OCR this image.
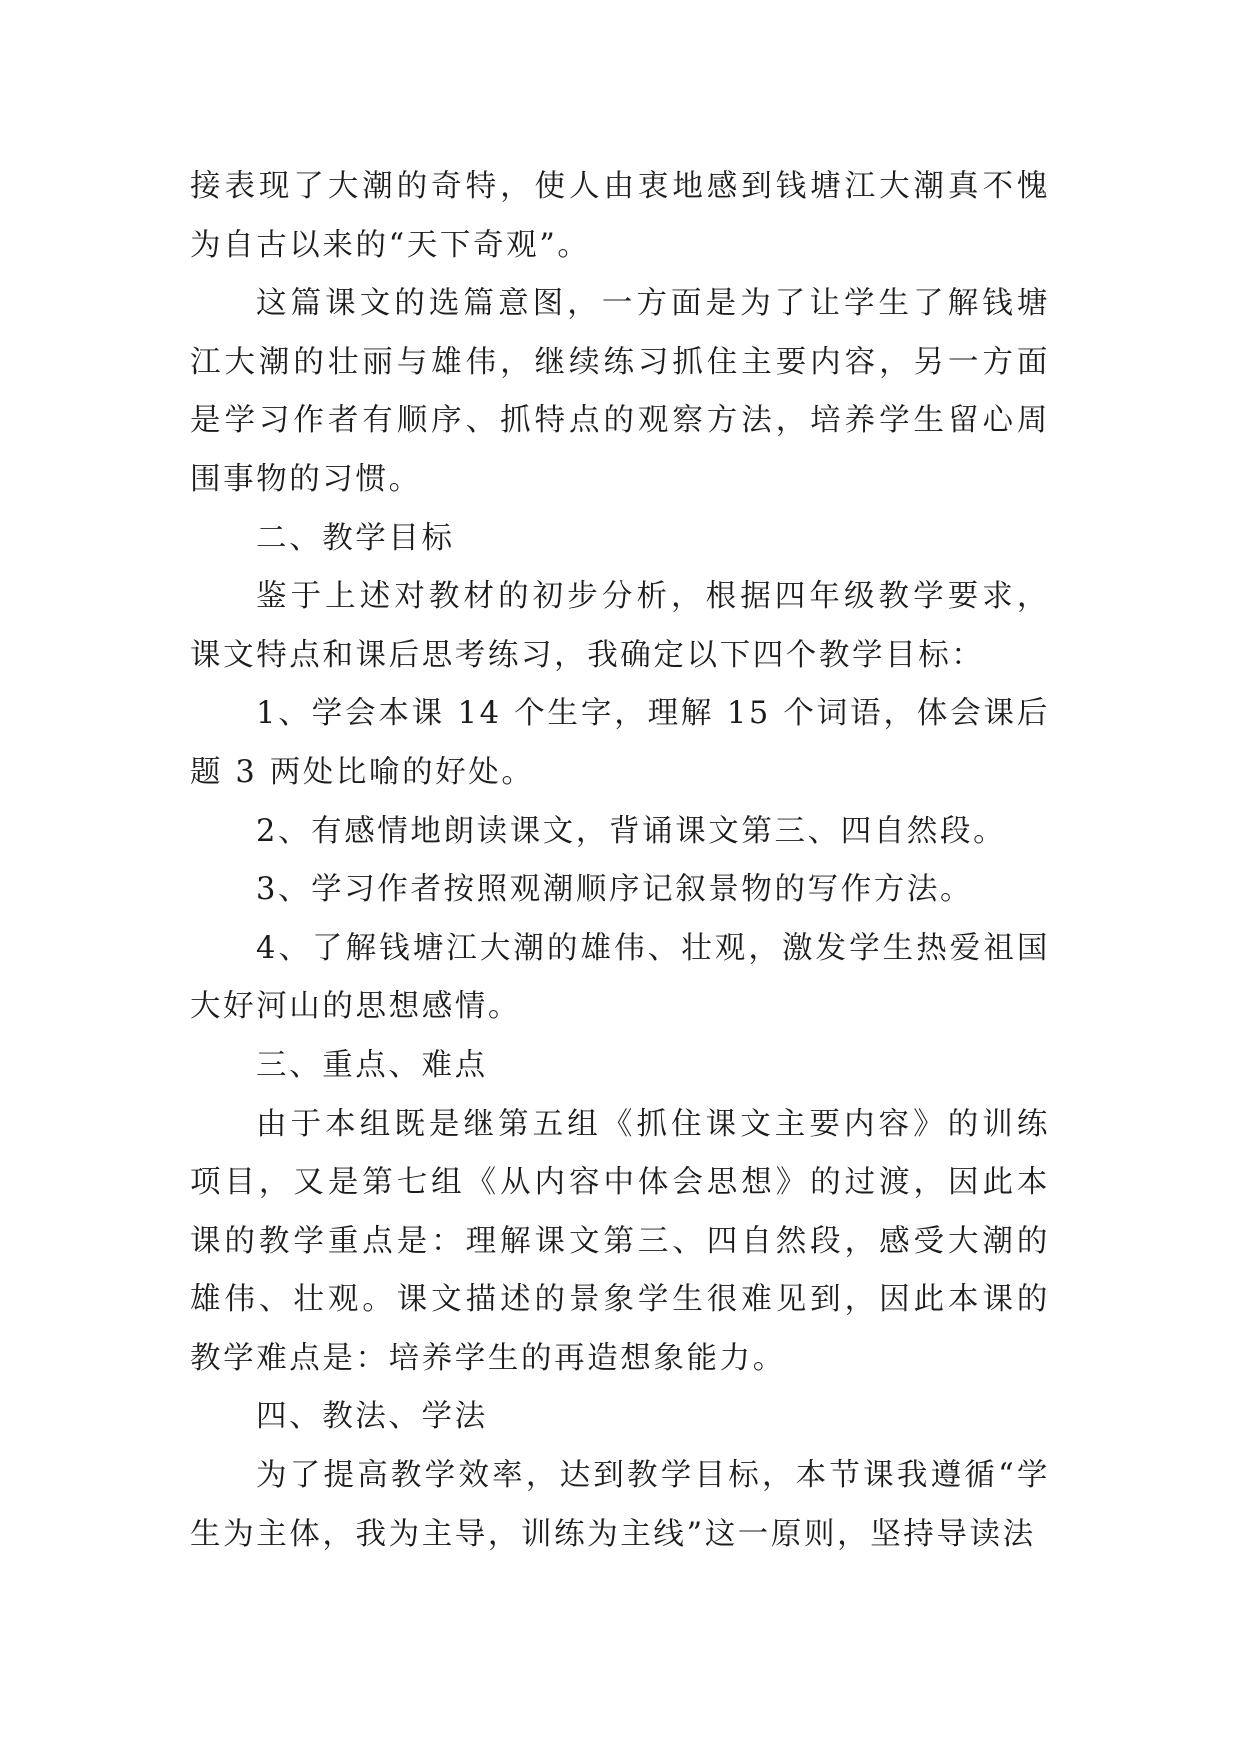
接表现了大潮的奇特，使人由衷地感到钱塘江大潮真不愧为自古以来的“天下奇观”。

这篇课文的选篇意图，一方面是为了让学生了解钱塘江大潮的壮丽与雄伟，继续练习抓住主要内容，另一方面是学习作者有顺序、抓特点的观察方法，培养学生留心周围事物的习惯。

二、教学目标

鉴于上述对教材的初步分析，根据四年级教学要求，课文特点和课后思考练习，我确定以下四个教学目标：

1、学会本课 14 个生字，理解 15 个词语，体会课后题 3 两处比喻的好处。

2、有感情地朗读课文，背诵课文第三、四自然段。

3、学习作者按照观潮顺序记叙景物的写作方法。

4、了解钱塘江大潮的雄伟、壮观，激发学生热爱祖国大好河山的思想感情。

三、重点、难点

由于本组既是继第五组《抓住课文主要内容》的训练项目，又是第七组《从内容中体会思想》的过渡，因此本课的教学重点是：理解课文第三、四自然段，感受大潮的雄伟、壮观。课文描述的景象学生很难见到，因此本课的教学难点是：培养学生的再造想象能力。

四、教法、学法

为了提高教学效率，达到教学目标，本节课我遵循“学生为主体，我为主导，训练为主线”这一原则，坚持导读法
